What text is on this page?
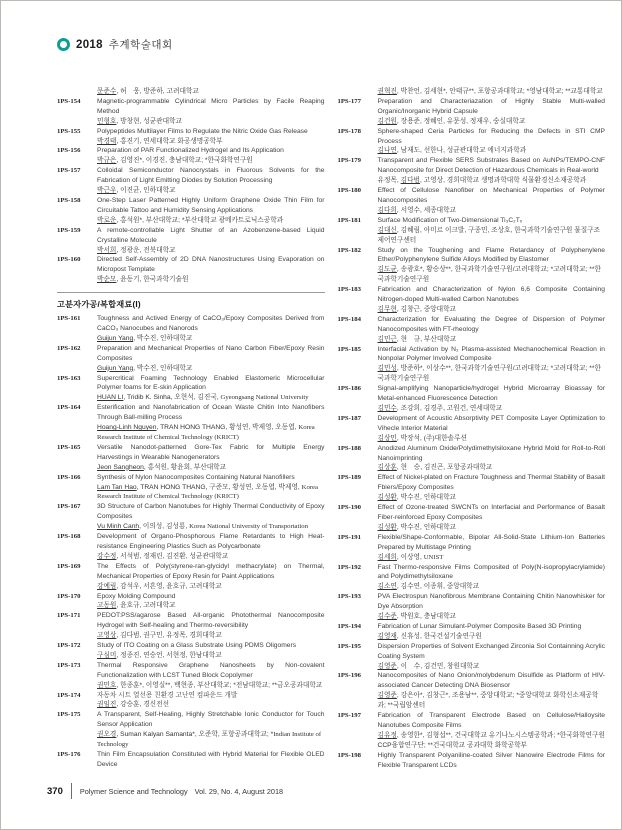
2018 추계학술대회
문준수, 허　웅, 방준하, 고려대학교
1PS-154	Magnetic-programmable Cylindrical Micro Particles by Facile Reaping Method
민형호, 방창현, 성균관대학교
1PS-155	Polypeptides Multilayer Films to Regulate the Nitric Oxide Gas Release
박경태, 홍진기, 연세대학교 화공생명공학부
1PS-156	Preparation of PAR Functionalized Hydrogel and Its Application
박규은, 김영진*, 이경진, 충남대학교; *한국화학연구원
1PS-157	Colloidal Semiconductor Nanocrystals in Fluorous Solvents for the Fabrication of Light Emitting Diodes by Solution Processing
박근우, 이진균, 인하대학교
1PS-158	One-Step Laser Patterned Highly Uniform Graphene Oxide Thin Film for Circuitable Tattoo and Humidity Sensing Applications
박로운, 홍석원*, 부산대학교; *부산대학교 광메카트로닉스공학과
1PS-159	A remote-controllable Light Shutter of an Azobenzene-based Liquid Crystalline Molecule
박서희, 정광운, 전북대학교
1PS-160	Directed Self-Assembly of 2D DNA Nanostructures Using Evaporation on Micropost Template
박순모, 윤동기, 한국과학기술원
고분자가공/복합재료(I)
1PS-161	Toughness and Actived Energy of CaCO₃/Epoxy Composites Derived from CaCO₃ Nanocubes and Nanorods
Guijun Yang, 박수진, 인하대학교
1PS-162	Preparation and Mechanical Properties of Nano Carbon Fiber/Epoxy Resin Composites
Guijun Yang, 박수진, 인하대학교
1PS-163	Supercritical Foaming Technology Enabled Elastomeric Microcellular Polymer foams for E-skin Application
HUAN LI, Tridib K. Sinha, 오현석, 김진국, Gyeongsang National University
1PS-164	Esterification and Nanofabrication of Ocean Waste Chitin Into Nanofibers Through Ball-milling Process
Hoang-Linh Nguyen, TRAN HONG THANG, 황성연, 박제영, 오동엽, Korea Research Institute of Chemical Technology (KRICT)
1PS-165	Versatile Nanodot-patterned Gore-Tex Fabric for Multiple Energy Harvestings in Wearable Nanogenerators
Jeon Sangheon, 홍석원, 황윤회, 부산대학교
1PS-166	Synthesis of Nylon Nanocomposites Containing Natural Nanofillers
Lam Tan Hao, TRAN HONG THANG, 구준모, 황성연, 오동엽, 박제영, Korea Research Institute of Chemical Technology (KRICT)
1PS-167	3D Structure of Carbon Nanotubes for Highly Thermal Conductivity of Epoxy Composites
Vu Minh Canh, 이의성, 김성룡, Korea National University of Transportation
1PS-168	Development of Organo-Phosphorous Flame Retardants to High Heat-resistance Engineering Plastics Such as Polycarbonate
강수정, 서석범, 정재린, 김진환, 성균관대학교
1PS-169	The Effects of Poly(styrene-ran-glycidyl methacrylate) on Thermal, Mechanical Properties of Epoxy Resin for Paint Applications
강예림, 감석우, 서흔영, 윤호규, 고려대학교
1PS-170	Epoxy Molding Compound
고동원, 윤호규, 고려대학교
1PS-171	PEDOT:PSS/agarose Based All-organic Photothermal Nanocomposite Hydrogel with Self-healing and Thermo-reversibility
고영상, 김다범, 권구민, 유정목, 경희대학교
1PS-172	Study of ITO Coating on a Glass Substrate Using PDMS Oligomers
구심미, 정종진, 연승언, 서현정, 한남대학교
1PS-173	Thermal Responsive Graphene Nanosheets by Non-covalent Functionalization with LCST Tuned Block Copolymer
권민호, 한종훈*, 이영실**, 백현종, 부산대학교; *전남대학교; **금오공과대학교
1PS-174	자동차 시트 열선용 친환경 고난연 컴파운드 개발
권임진, 강승훈, 경신전선
1PS-175	A Transparent, Self-Healing, Highly Stretchable Ionic Conductor for Touch Sensor Application
권오경, Suman Kalyan Samanta*, 오준학, 포항공과대학교; *Indian Institute of Technology
1PS-176	Thin Film Encapsulation Constituted with Hybrid Material for Flexible OLED Device
권혁진, 박찬언, 김세현*, 안태규**, 포항공과대학교; *영남대학교; **교통대학교
1PS-177	Preparation and Characteriazation of Highly Stable Multi-walled Organic/Inorganic Hybrid Capsule
김건원, 장용준, 정혜인, 유문성, 정재우, 숭실대학교
1PS-178	Sphere-shaped Ceria Particles for Reducing the Defects in STI CMP Process
김나연, 남재도, 선한나, 성균관대학교 에너지과학과
1PS-179	Transparent and Flexible SERS Substrates Based on AuNPs/TEMPO-CNF Nanocomposite for Direct Detection of Hazardous Chemicals in Real-world
유정목, 김다범, 고영상, 경희대학교 생명과학대학 식물환경신소재공학과
1PS-180	Effect of Cellulose Nanofiber on Mechanical Properties of Polymer Nanocomposites
김다희, 서영수, 세종대학교
1PS-181	Surface Modification of Two-Dimensional Ti₃C₂Tₓ
김대신, 김혜림, 아미르 이크발, 구종민, 조상호, 한국과학기술연구원 물질구조제어연구센터
1PS-182	Study on the Toughening and Flame Retardancy of Polyphenylene Ether/Polyphenylene Sulfide Alloys Modified by Elastomer
김도균, 송광호*, 황승상**, 한국과학기술연구원/고려대학교; *고려대학교; **한국과학기술연구원
1PS-183	Fabrication and Characterization of Nylon 6,6 Composite Containing Nitrogen-doped Multi-walled Carbon Nanotubes
김무현, 김창근, 중앙대학교
1PS-184	Characterization for Evaluating the Degree of Dispersion of Polymer Nanocomposites with FT-rheology
김민근, 현　규, 부산대학교
1PS-185	Interfacial Activation by N₂ Plasma-assisted Mechanochemical Reaction in Nonpolar Polymer Involved Composite
김민성, 방준하*, 이상수**, 한국과학기술연구원/고려대학교; *고려대학교; **한국과학기술연구원
1PS-186	Signal-amplifying Nanoparticle/hydrogel Hybrid Microarray Bioassay for Metal-enhanced Fluorescence Detection
김민수, 조강희, 김경주, 고원건, 연세대학교
1PS-187	Development of Acoustic Absorptivity PET Composite Layer Optimization to Vihecle Interior Material
김상민, 박장석, (주)대한솔루션
1PS-188	Anodized Aluminum Oxide/Polydimethylsiloxane Hybrid Mold for Roll-to-Roll Nanoimprinting
김상훈, 현　승, 김진곤, 포항공과대학교
1PS-189	Effect of Nickel-plated on Fracture Toughness and Thermal Stability of Basalt Fbiers/Epoxy Composites
김성환, 박수진, 인하대학교
1PS-190	Effect of Ozone-treated SWCNTs on Interfacial and Performance of Basalt Fiber-reinforced Epoxy Composites
김성환, 박수진, 인하대학교
1PS-191	Flexible/Shape-Conformable, Bipolar All-Solid-State Lithium-Ion Batteries Prepared by Multistage Printing
김세희, 이상영, UNIST
1PS-192	Fast Thermo-responsive Films Composited of Poly(N-isopropylacrylamide) and Polydimethylsiloxane
김소연, 김수연, 이종휘, 중앙대학교
1PS-193	PVA Electrospun Nanofibrous Membrane Containing Chitin Nanowhisker for Dye Absorption
김수준, 박원호, 충남대학교
1PS-194	Fabrication of Lunar Simulant-Polymer Composite Based 3D Printing
김영재, 신휴성, 한국건설기술연구원
1PS-195	Dispersion Properties of Solvent Exchanged Zirconia Sol Containning Acrylic Coating System
김영준, 이　수, 김건민, 창원대학교
1PS-196	Nanocomposites of Nano Onion/molybdenum Disulfide as Platform of HIV-associated Cancer Detecting DNA Biosensor
김영준, 강은아*, 김창근*, 조용남**, 중앙대학교; *중앙대학교 화학신소재공학과; **국립암센터
1PS-197	Fabrication of Transparent Electrode Based on Cellulose/Halloysite Nanotubes Composite Films
김유정, 송영한*, 김형섭**, 건국대학교 유기나노시스템공학과; *한국화학연구원 CCP융합연구단; **건국대학교 공과대학 화학공학부
1PS-198	Highly Transparent Polyaniline-coated Silver Nanowire Electrode Films for Flexible Transparent LCDs
370 Polymer Science and Technology Vol. 29, No. 4, August 2018
